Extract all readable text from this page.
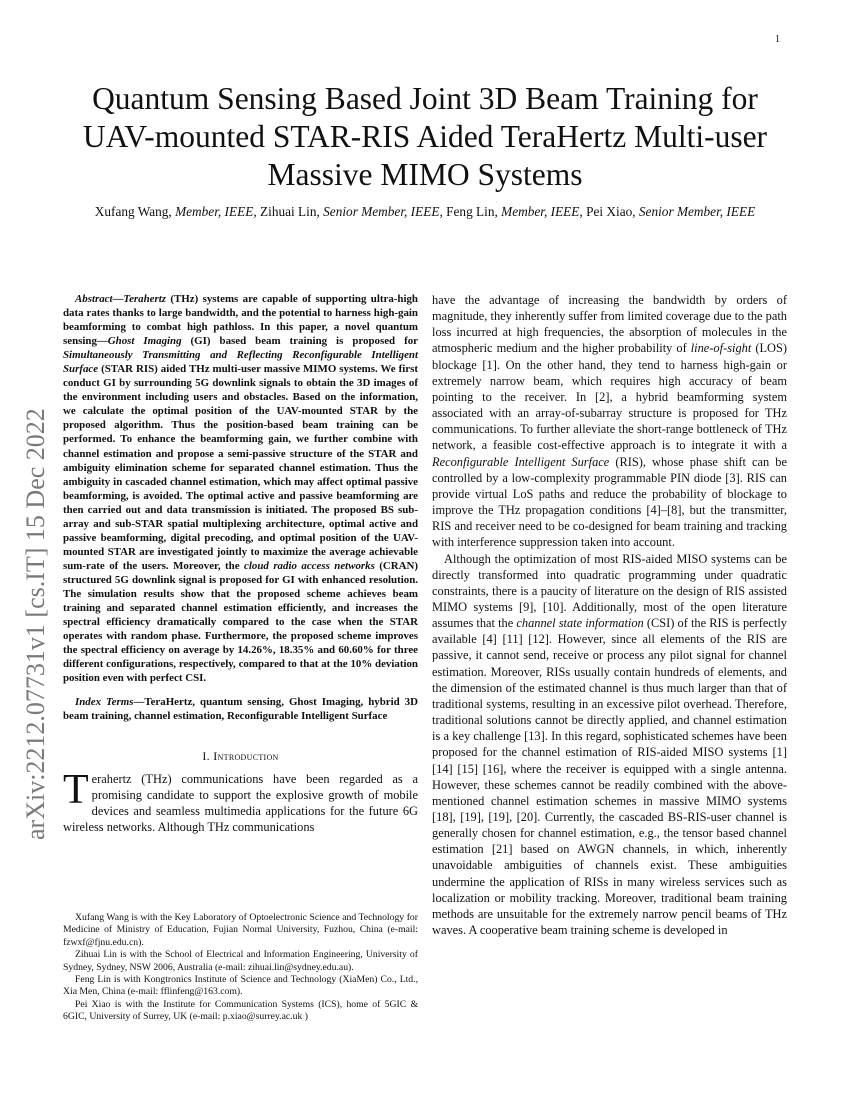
1
arXiv:2212.07731v1 [cs.IT] 15 Dec 2022
Quantum Sensing Based Joint 3D Beam Training for UAV-mounted STAR-RIS Aided TeraHertz Multi-user Massive MIMO Systems
Xufang Wang, Member, IEEE, Zihuai Lin, Senior Member, IEEE, Feng Lin, Member, IEEE, Pei Xiao, Senior Member, IEEE
Abstract—Terahertz (THz) systems are capable of supporting ultra-high data rates thanks to large bandwidth, and the potential to harness high-gain beamforming to combat high pathloss. In this paper, a novel quantum sensing—Ghost Imaging (GI) based beam training is proposed for Simultaneously Transmitting and Reflecting Reconfigurable Intelligent Surface (STAR RIS) aided THz multi-user massive MIMO systems. We first conduct GI by surrounding 5G downlink signals to obtain the 3D images of the environment including users and obstacles. Based on the information, we calculate the optimal position of the UAV-mounted STAR by the proposed algorithm. Thus the position-based beam training can be performed. To enhance the beamforming gain, we further combine with channel estimation and propose a semi-passive structure of the STAR and ambiguity elimination scheme for separated channel estimation. Thus the ambiguity in cascaded channel estimation, which may affect optimal passive beamforming, is avoided. The optimal active and passive beamforming are then carried out and data transmission is initiated. The proposed BS sub-array and sub-STAR spatial multiplexing architecture, optimal active and passive beamforming, digital precoding, and optimal position of the UAV-mounted STAR are investigated jointly to maximize the average achievable sum-rate of the users. Moreover, the cloud radio access networks (CRAN) structured 5G downlink signal is proposed for GI with enhanced resolution. The simulation results show that the proposed scheme achieves beam training and separated channel estimation efficiently, and increases the spectral efficiency dramatically compared to the case when the STAR operates with random phase. Furthermore, the proposed scheme improves the spectral efficiency on average by 14.26%, 18.35% and 60.60% for three different configurations, respectively, compared to that at the 10% deviation position even with perfect CSI.
Index Terms—TeraHertz, quantum sensing, Ghost Imaging, hybrid 3D beam training, channel estimation, Reconfigurable Intelligent Surface
I. Introduction
Terahertz (THz) communications have been regarded as a promising candidate to support the explosive growth of mobile devices and seamless multimedia applications for the future 6G wireless networks. Although THz communications

Xufang Wang is with the Key Laboratory of Optoelectronic Science and Technology for Medicine of Ministry of Education, Fujian Normal University, Fuzhou, China (e-mail: fzwxf@fjnu.edu.cn).

Zihuai Lin is with the School of Electrical and Information Engineering, University of Sydney, Sydney, NSW 2006, Australia (e-mail: zihuai.lin@sydney.edu.au).

Feng Lin is with Kongtronics Institute of Science and Technology (XiaMen) Co., Ltd., Xia Men, China (e-mail: fflinfeng@163.com).

Pei Xiao is with the Institute for Communication Systems (ICS), home of 5GIC & 6GIC, University of Surrey, UK (e-mail: p.xiao@surrey.ac.uk )

have the advantage of increasing the bandwidth by orders of magnitude, they inherently suffer from limited coverage due to the path loss incurred at high frequencies, the absorption of molecules in the atmospheric medium and the higher probability of line-of-sight (LOS) blockage [1]. On the other hand, they tend to harness high-gain or extremely narrow beam, which requires high accuracy of beam pointing to the receiver. In [2], a hybrid beamforming system associated with an array-of-subarray structure is proposed for THz communications. To further alleviate the short-range bottleneck of THz network, a feasible cost-effective approach is to integrate it with a Reconfigurable Intelligent Surface (RIS), whose phase shift can be controlled by a low-complexity programmable PIN diode [3]. RIS can provide virtual LoS paths and reduce the probability of blockage to improve the THz propagation conditions [4]–[8], but the transmitter, RIS and receiver need to be co-designed for beam training and tracking with interference suppression taken into account.

Although the optimization of most RIS-aided MISO systems can be directly transformed into quadratic programming under quadratic constraints, there is a paucity of literature on the design of RIS assisted MIMO systems [9], [10]. Additionally, most of the open literature assumes that the channel state information (CSI) of the RIS is perfectly available [4] [11] [12]. However, since all elements of the RIS are passive, it cannot send, receive or process any pilot signal for channel estimation. Moreover, RISs usually contain hundreds of elements, and the dimension of the estimated channel is thus much larger than that of traditional systems, resulting in an excessive pilot overhead. Therefore, traditional solutions cannot be directly applied, and channel estimation is a key challenge [13]. In this regard, sophisticated schemes have been proposed for the channel estimation of RIS-aided MISO systems [1] [14] [15] [16], where the receiver is equipped with a single antenna. However, these schemes cannot be readily combined with the above-mentioned channel estimation schemes in massive MIMO systems [18], [19], [19], [20]. Currently, the cascaded BS-RIS-user channel is generally chosen for channel estimation, e.g., the tensor based channel estimation [21] based on AWGN channels, in which, inherently unavoidable ambiguities of channels exist. These ambiguities undermine the application of RISs in many wireless services such as localization or mobility tracking. Moreover, traditional beam training methods are unsuitable for the extremely narrow pencil beams of THz waves. A cooperative beam training scheme is developed in
